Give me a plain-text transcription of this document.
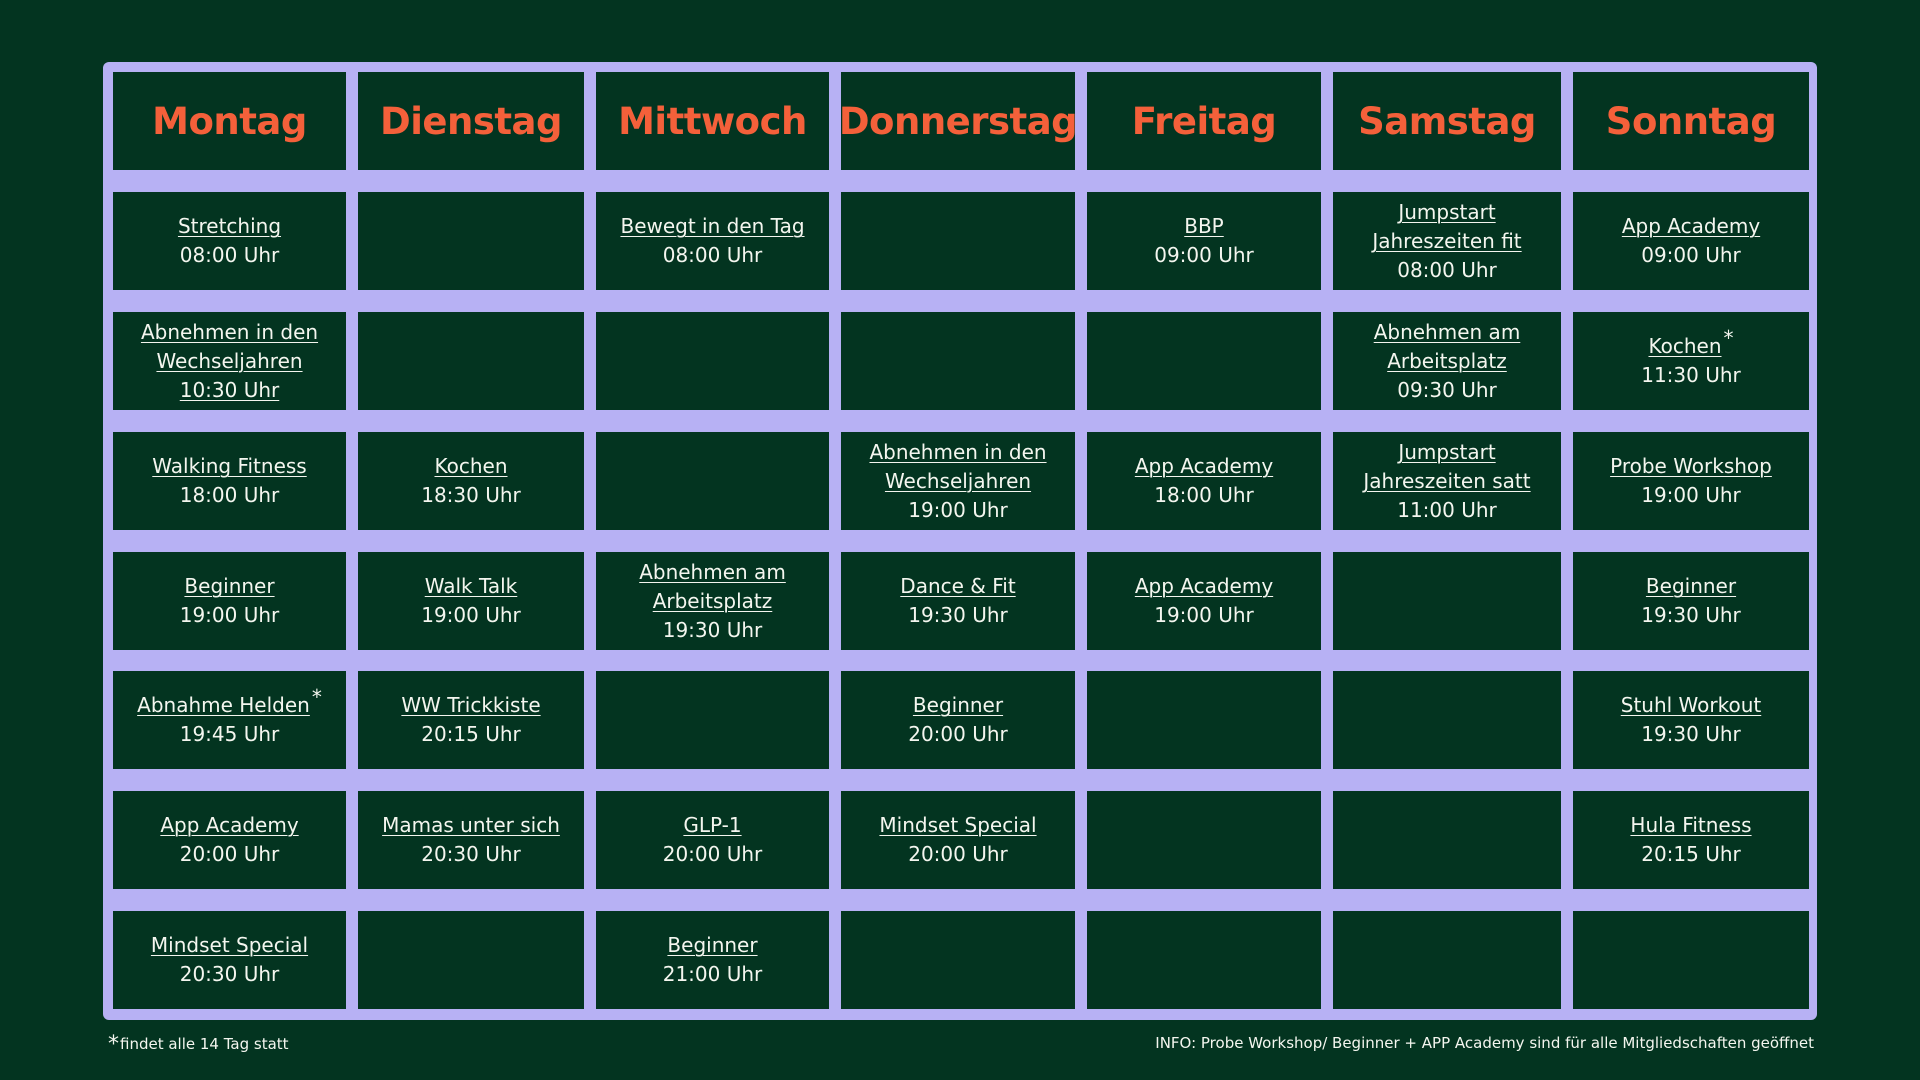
Montag Dienstag Mittwoch Donnerstag Freitag Samstag Sonntag
Stretching
08:00 Uhr
Bewegt in den Tag
08:00 Uhr
BBP
09:00 Uhr
Jumpstart
Jahreszeiten fit
08:00 Uhr
App Academy
09:00 Uhr
Abnehmen in den
Wechseljahren
10:30 Uhr
Abnehmen am
Arbeitsplatz
09:30 Uhr
Kochen *
11:30 Uhr
Walking Fitness
18:00 Uhr
Kochen
18:30 Uhr
Abnehmen in den
Wechseljahren
19:00 Uhr
App Academy
18:00 Uhr
Jumpstart
Jahreszeiten satt
11:00 Uhr
Probe Workshop
19:00 Uhr
Beginner
19:00 Uhr
Walk Talk
19:00 Uhr
Abnehmen am
Arbeitsplatz
19:30 Uhr
Dance & Fit
19:30 Uhr
App Academy
19:00 Uhr
Beginner
19:30 Uhr
Abnahme Helden *
19:45 Uhr
WW Trickkiste
20:15 Uhr
Beginner
20:00 Uhr
Stuhl Workout
19:30 Uhr
App Academy
20:00 Uhr
Mamas unter sich
20:30 Uhr
GLP-1
20:00 Uhr
Mindset Special
20:00 Uhr
Hula Fitness
20:15 Uhr
Mindset Special
20:30 Uhr
Beginner
21:00 Uhr
*findet alle 14 Tag statt	INFO: Probe Workshop/ Beginner + APP Academy sind für alle Mitgliedschaften geöffnet
